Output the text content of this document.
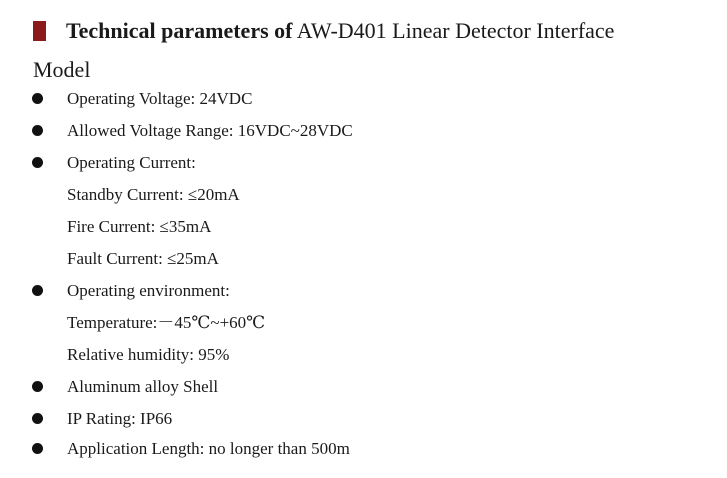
Technical parameters of AW-D401 Linear Detector Interface
Model
Operating Voltage: 24VDC
Allowed Voltage Range: 16VDC~28VDC
Operating Current:
Standby Current: ≤20mA
Fire Current: ≤35mA
Fault Current: ≤25mA
Operating environment:
Temperature:－45℃~+60℃
Relative humidity: 95%
Aluminum alloy Shell
IP Rating: IP66
Application Length: no longer than 500m
